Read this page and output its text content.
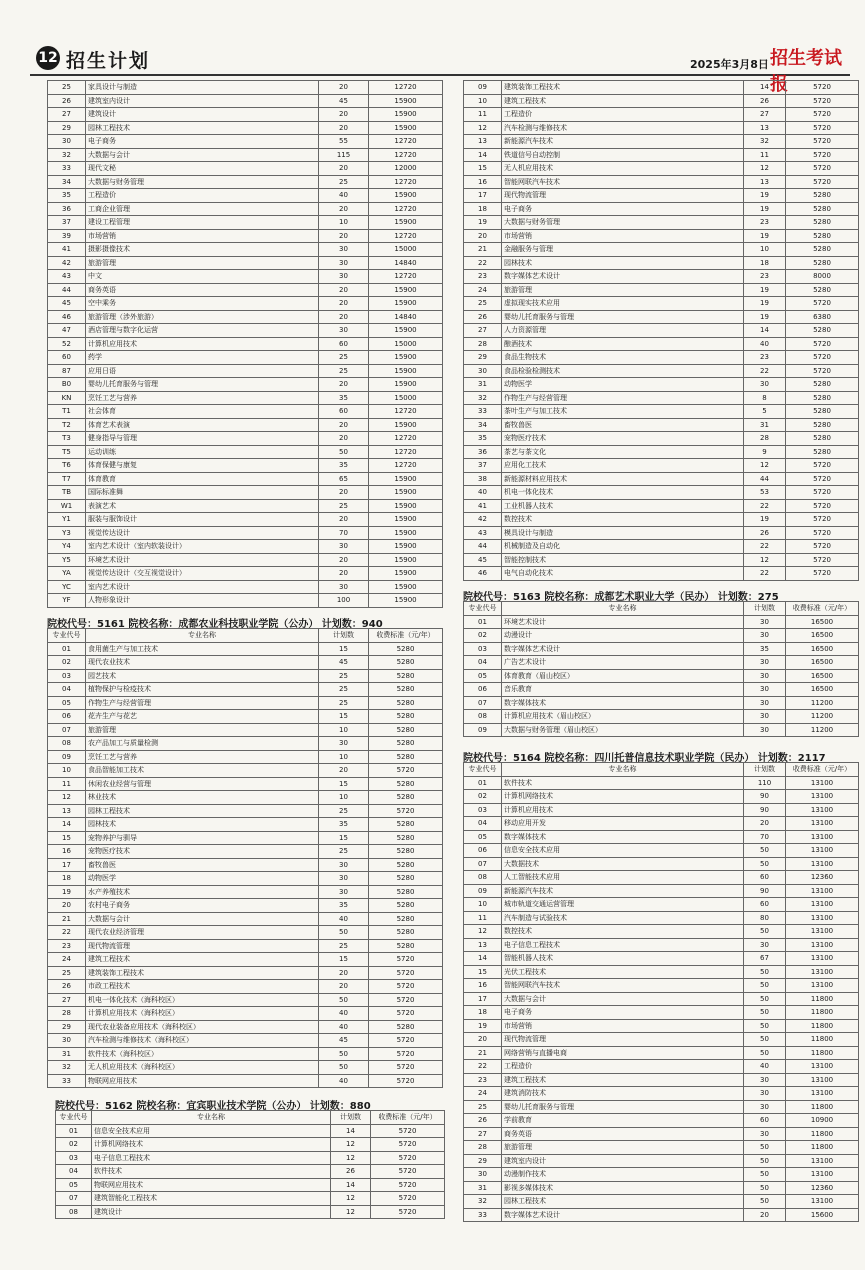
12 招生计划	2025年3月8日 招生考试报
25	家具设计与制造	20	12720
26	建筑室内设计	45	15900
27	建筑设计	20	15900
29	园林工程技术	20	15900
30	电子商务	55	12720
32	大数据与会计	115	12720
33	现代文秘	20	12000
34	大数据与财务管理	25	12720
35	工程造价	40	15900
36	工商企业管理	20	12720
37	建设工程管理	10	15900
39	市场营销	20	12720
41	摄影摄像技术	30	15000
42	旅游管理	30	14840
43	中文	30	12720
44	商务英语	20	15900
45	空中乘务	20	15900
46	旅游管理（涉外旅游）	20	14840
47	酒店管理与数字化运营	30	15900
52	计算机应用技术	60	15000
60	药学	25	15900
87	应用日语	25	15900
B0	婴幼儿托育服务与管理	20	15900
KN	烹饪工艺与营养	35	15000
T1	社会体育	60	12720
T2	体育艺术表演	20	15900
T3	健身指导与管理	20	12720
T5	运动训练	50	12720
T6	体育保健与康复	35	12720
T7	体育教育	65	15900
TB	国际标准舞	20	15900
W1	表演艺术	25	15900
Y1	服装与服饰设计	20	15900
Y3	视觉传达设计	70	15900
Y4	室内艺术设计（室内软装设计）	30	15900
Y5	环境艺术设计	20	15900
YA	视觉传达设计（交互视觉设计）	20	15900
YC	室内艺术设计	30	15900
YF	人物形象设计	100	15900
院校代号：5161 院校名称：成都农业科技职业学院（公办） 计划数：940
专业代号	专业名称	计划数	收费标准（元/年）
01	食用菌生产与加工技术	15	5280
02	现代农业技术	45	5280
03	园艺技术	25	5280
04	植物保护与检疫技术	25	5280
05	作物生产与经营管理	25	5280
06	花卉生产与花艺	15	5280
07	旅游管理	10	5280
08	农产品加工与质量检测	30	5280
09	烹饪工艺与营养	10	5280
10	食品智能加工技术	20	5720
11	休闲农业经营与管理	15	5280
12	林业技术	10	5280
13	园林工程技术	25	5720
14	园林技术	35	5280
15	宠物养护与驯导	15	5280
16	宠物医疗技术	25	5280
17	畜牧兽医	30	5280
18	动物医学	30	5280
19	水产养殖技术	30	5280
20	农村电子商务	35	5280
21	大数据与会计	40	5280
22	现代农业经济管理	50	5280
23	现代物流管理	25	5280
24	建筑工程技术	15	5720
25	建筑装饰工程技术	20	5720
26	市政工程技术	20	5720
27	机电一体化技术（海科校区）	50	5720
28	计算机应用技术（海科校区）	40	5720
29	现代农业装备应用技术（海科校区）	40	5280
30	汽车检测与维修技术（海科校区）	45	5720
31	软件技术（海科校区）	50	5720
32	无人机应用技术（海科校区）	50	5720
33	物联网应用技术	40	5720
院校代号：5162 院校名称：宜宾职业技术学院（公办） 计划数：880
专业代号	专业名称	计划数	收费标准（元/年）
01	信息安全技术应用	14	5720
02	计算机网络技术	12	5720
03	电子信息工程技术	12	5720
04	软件技术	26	5720
05	物联网应用技术	14	5720
07	建筑智能化工程技术	12	5720
08	建筑设计	12	5720
09	建筑装饰工程技术	14	5720
10	建筑工程技术	26	5720
11	工程造价	27	5720
12	汽车检测与维修技术	13	5720
13	新能源汽车技术	32	5720
14	铁道信号自动控制	11	5720
15	无人机应用技术	12	5720
16	智能网联汽车技术	13	5720
17	现代物流管理	19	5280
18	电子商务	19	5280
19	大数据与财务管理	23	5280
20	市场营销	19	5280
21	金融服务与管理	10	5280
22	园林技术	18	5280
23	数字媒体艺术设计	23	8000
24	旅游管理	19	5280
25	虚拟现实技术应用	19	5720
26	婴幼儿托育服务与管理	19	6380
27	人力资源管理	14	5280
28	酿酒技术	40	5720
29	食品生物技术	23	5720
30	食品检验检测技术	22	5720
31	动物医学	30	5280
32	作物生产与经营管理	8	5280
33	茶叶生产与加工技术	5	5280
34	畜牧兽医	31	5280
35	宠物医疗技术	28	5280
36	茶艺与茶文化	9	5280
37	应用化工技术	12	5720
38	新能源材料应用技术	44	5720
40	机电一体化技术	53	5720
41	工业机器人技术	22	5720
42	数控技术	19	5720
43	模具设计与制造	26	5720
44	机械制造及自动化	22	5720
45	智能控制技术	12	5720
46	电气自动化技术	22	5720
院校代号：5163 院校名称：成都艺术职业大学（民办） 计划数：275
专业代号	专业名称	计划数	收费标准（元/年）
01	环境艺术设计	30	16500
02	动漫设计	30	16500
03	数字媒体艺术设计	35	16500
04	广告艺术设计	30	16500
05	体育教育（眉山校区）	30	16500
06	音乐教育	30	16500
07	数字媒体技术	30	11200
08	计算机应用技术（眉山校区）	30	11200
09	大数据与财务管理（眉山校区）	30	11200
院校代号：5164 院校名称：四川托普信息技术职业学院（民办） 计划数：2117
专业代号	专业名称	计划数	收费标准（元/年）
01	软件技术	110	13100
02	计算机网络技术	90	13100
03	计算机应用技术	90	13100
04	移动应用开发	20	13100
05	数字媒体技术	70	13100
06	信息安全技术应用	50	13100
07	大数据技术	50	13100
08	人工智能技术应用	60	12360
09	新能源汽车技术	90	13100
10	城市轨道交通运营管理	60	13100
11	汽车制造与试验技术	80	13100
12	数控技术	50	13100
13	电子信息工程技术	30	13100
14	智能机器人技术	67	13100
15	光伏工程技术	50	13100
16	智能网联汽车技术	50	13100
17	大数据与会计	50	11800
18	电子商务	50	11800
19	市场营销	50	11800
20	现代物流管理	50	11800
21	网络营销与直播电商	50	11800
22	工程造价	40	13100
23	建筑工程技术	30	13100
24	建筑消防技术	30	13100
25	婴幼儿托育服务与管理	30	11800
26	学前教育	60	10900
27	商务英语	30	11800
28	旅游管理	50	11800
29	建筑室内设计	50	13100
30	动漫制作技术	50	13100
31	影视多媒体技术	50	12360
32	园林工程技术	50	13100
33	数字媒体艺术设计	20	15600
